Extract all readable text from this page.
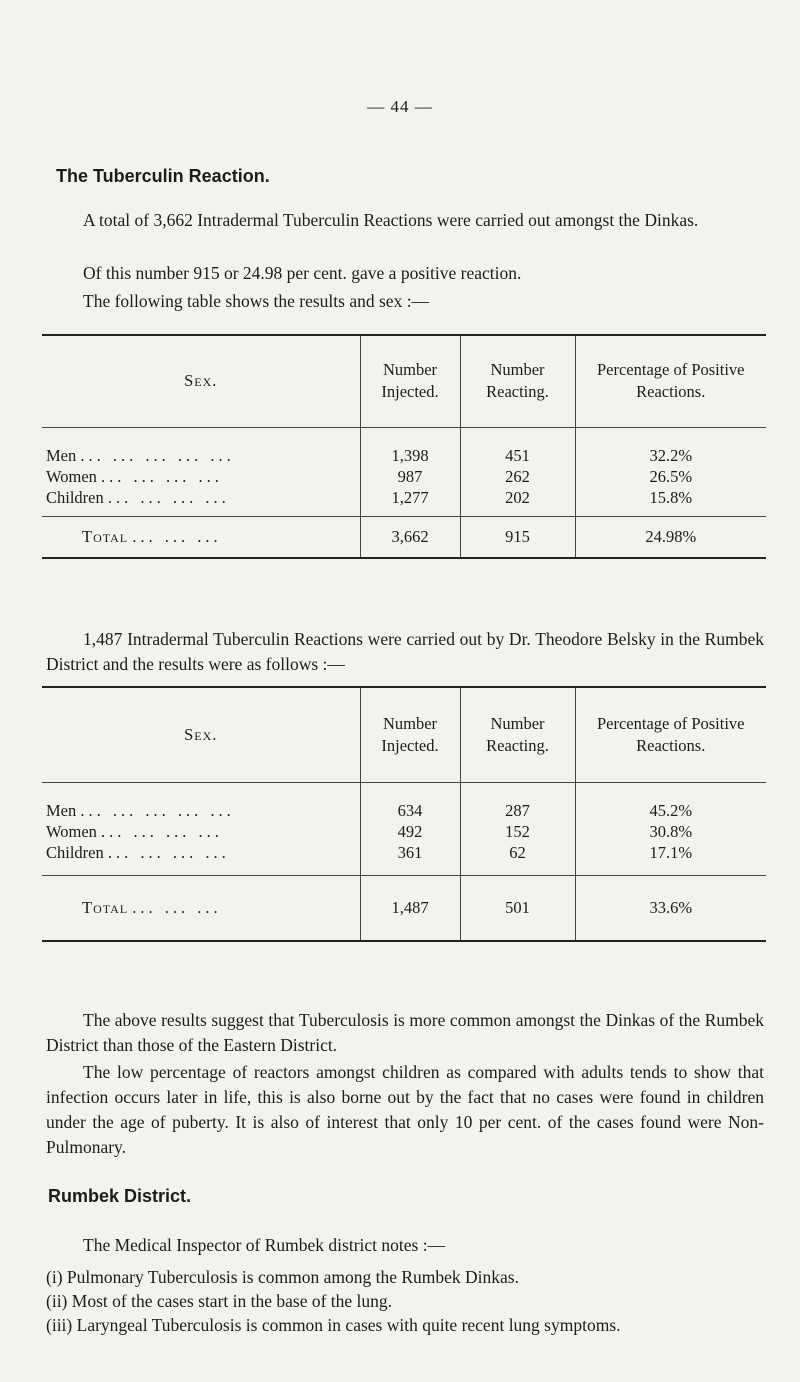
— 44 —
The Tuberculin Reaction.
A total of 3,662 Intradermal Tuberculin Reactions were carried out amongst the Dinkas.
Of this number 915 or 24.98 per cent. gave a positive reaction.
The following table shows the results and sex :—
Sex.	Number Injected.	Number Reacting.	Percentage of Positive Reactions.

Men ... ... ... ... ...	1,398	451	32.2%
Women ... ... ... ...	987	262	26.5%
Children ... ... ... ...	1,277	202	15.8%

Total ... ... ...	3,662	915	24.98%
1,487 Intradermal Tuberculin Reactions were carried out by Dr. Theodore Belsky in the Rumbek District and the results were as follows :—
Sex.	Number Injected.	Number Reacting.	Percentage of Positive Reactions.

Men ... ... ... ... ...	634	287	45.2%
Women ... ... ... ...	492	152	30.8%
Children ... ... ... ...	361	62	17.1%

Total ... ... ...	1,487	501	33.6%
The above results suggest that Tuberculosis is more common amongst the Dinkas of the Rumbek District than those of the Eastern District.
The low percentage of reactors amongst children as compared with adults tends to show that infection occurs later in life, this is also borne out by the fact that no cases were found in children under the age of puberty. It is also of interest that only 10 per cent. of the cases found were Non-Pulmonary.
Rumbek District.
The Medical Inspector of Rumbek district notes :—
(i) Pulmonary Tuberculosis is common among the Rumbek Dinkas.
(ii) Most of the cases start in the base of the lung.
(iii) Laryngeal Tuberculosis is common in cases with quite recent lung symptoms.
